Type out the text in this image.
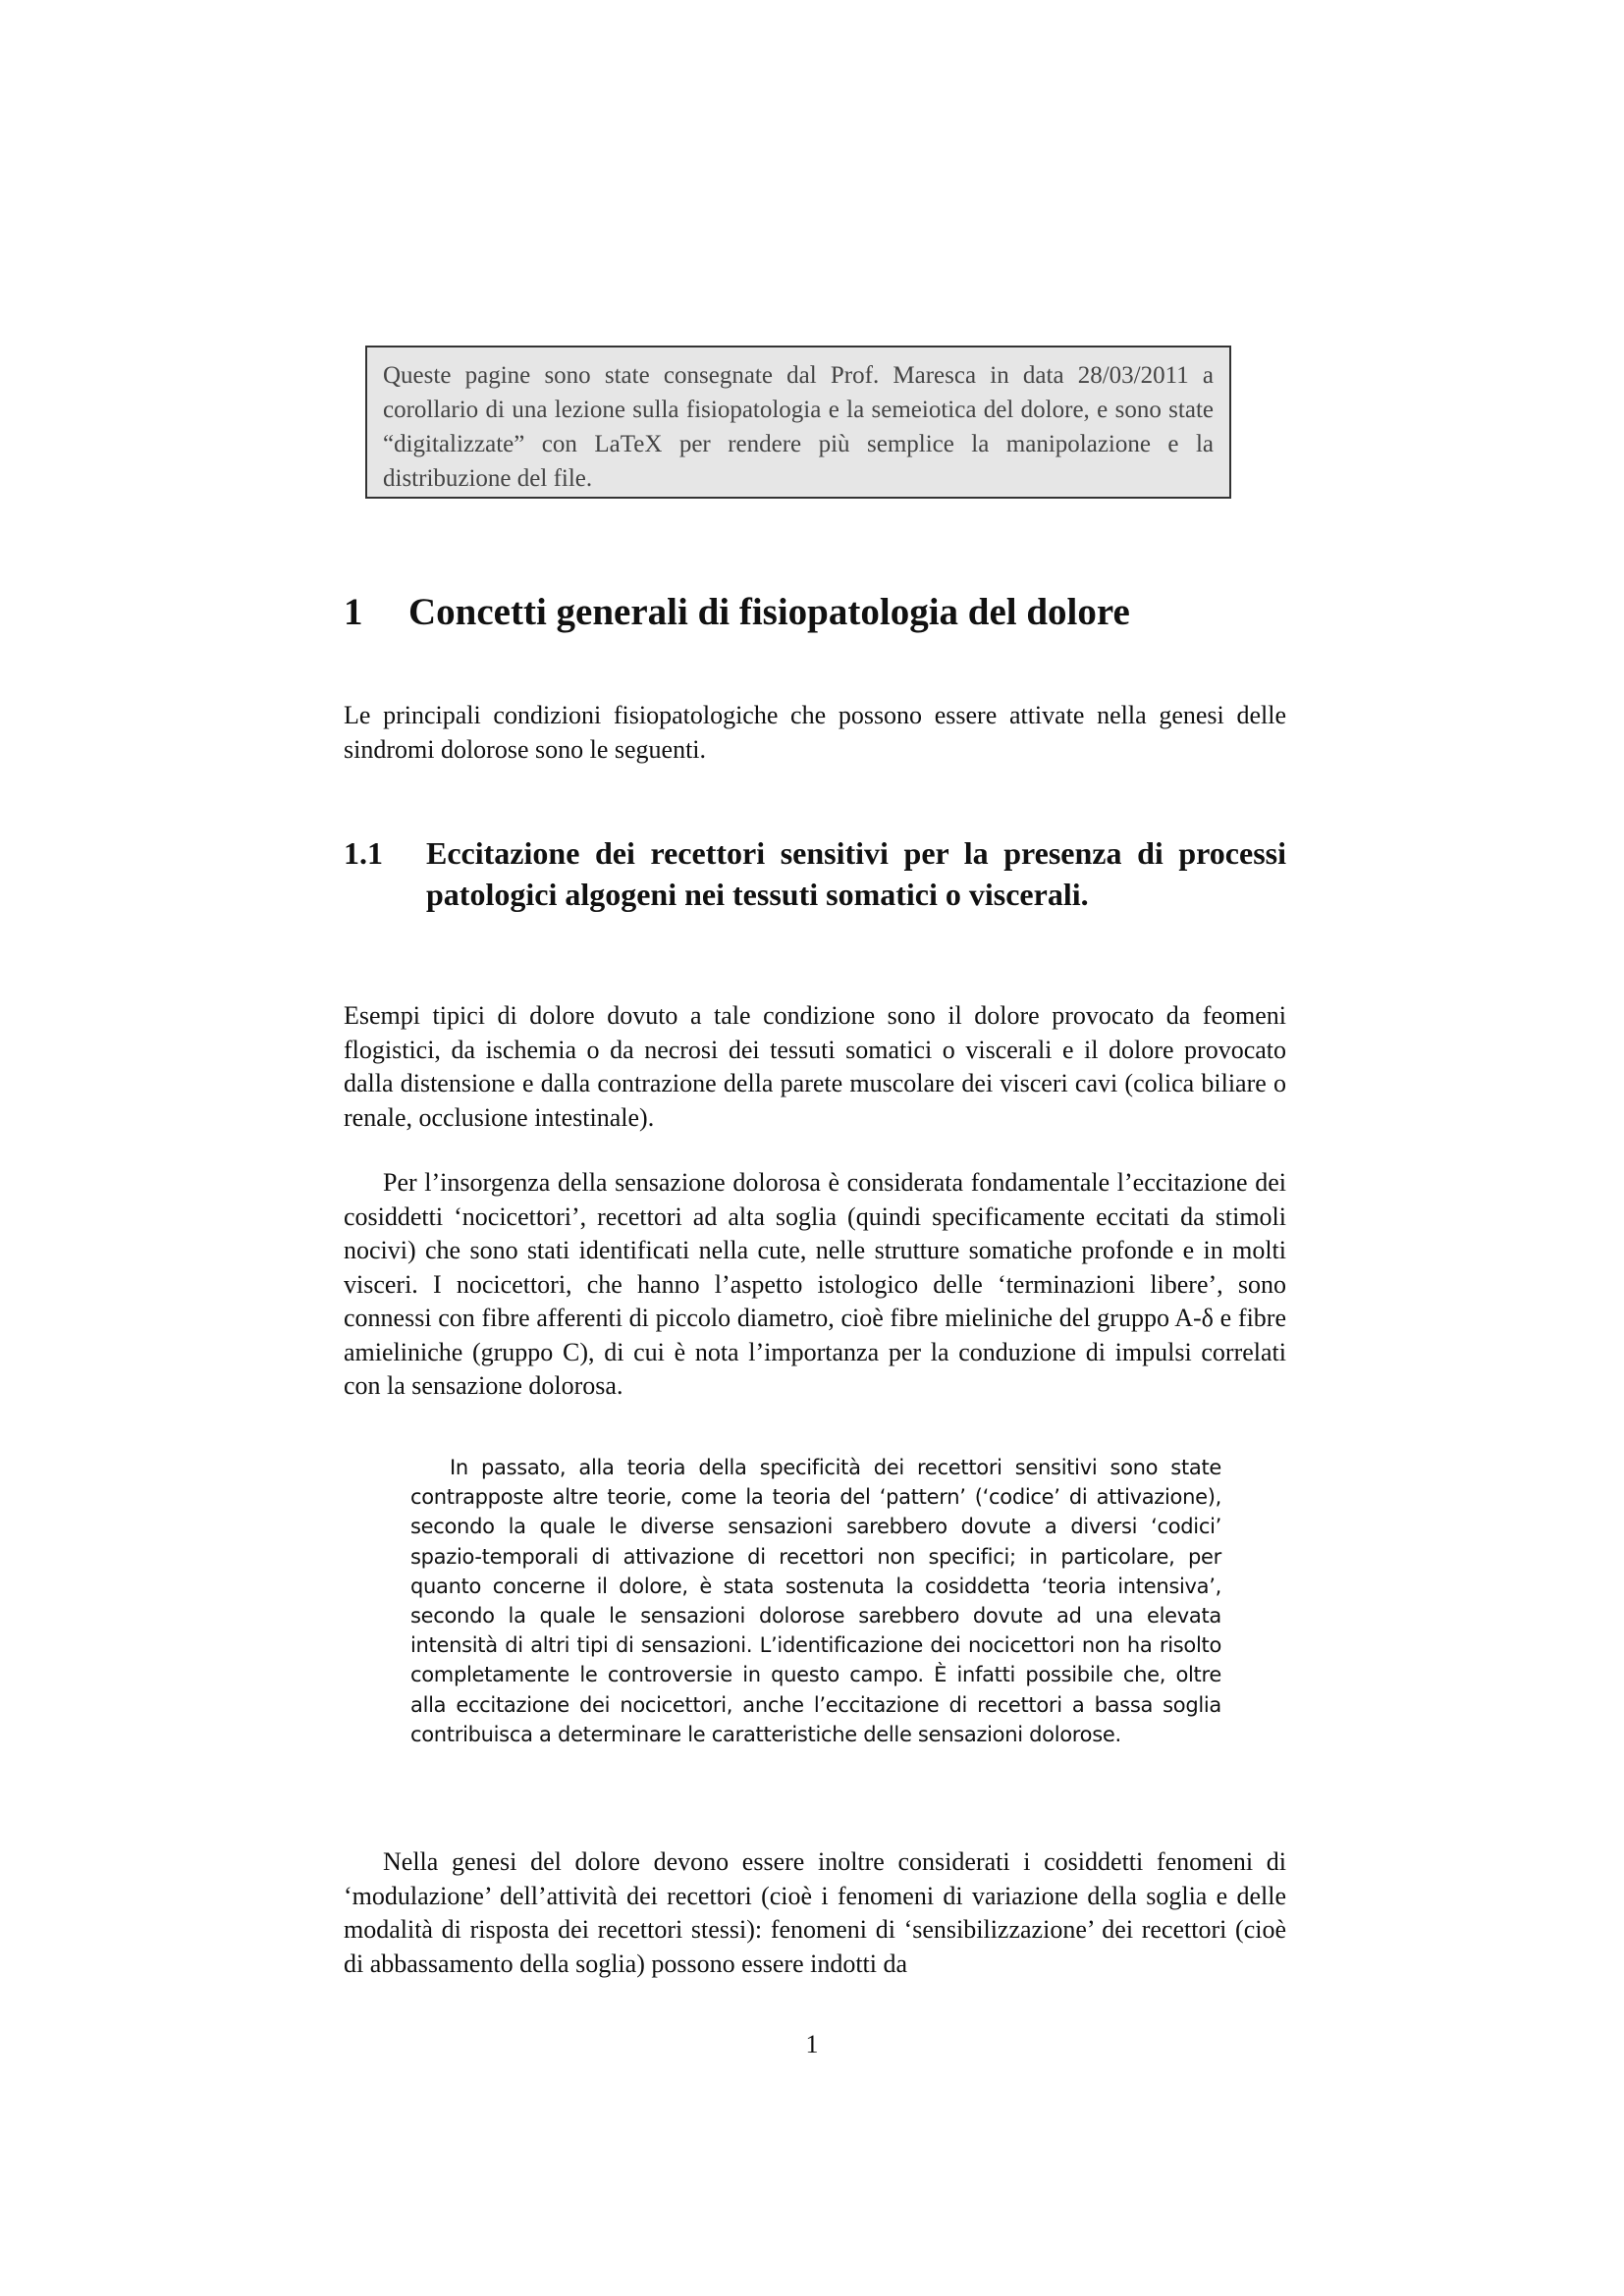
Queste pagine sono state consegnate dal Prof. Maresca in data 28/03/2011 a corollario di una lezione sulla fisiopatologia e la semeiotica del dolore, e sono state “digitalizzate” con LaTeX per rendere più semplice la manipolazione e la distribuzione del file.
1 Concetti generali di fisiopatologia del dolore
Le principali condizioni fisiopatologiche che possono essere attivate nella genesi delle sindromi dolorose sono le seguenti.
1.1 Eccitazione dei recettori sensitivi per la presenza di processi patologici algogeni nei tessuti somatici o viscerali.
Esempi tipici di dolore dovuto a tale condizione sono il dolore provocato da feomeni flogistici, da ischemia o da necrosi dei tessuti somatici o viscerali e il dolore provocato dalla distensione e dalla contrazione della parete muscolare dei visceri cavi (colica biliare o renale, occlusione intestinale).
Per l’insorgenza della sensazione dolorosa è considerata fondamentale l’eccitazione dei cosiddetti ‘nocicettori’, recettori ad alta soglia (quindi specificamente eccitati da stimoli nocivi) che sono stati identificati nella cute, nelle strutture somatiche profonde e in molti visceri. I nocicettori, che hanno l’aspetto istologico delle ‘terminazioni libere’, sono connessi con fibre afferenti di piccolo diametro, cioè fibre mieliniche del gruppo A-δ e fibre amieliniche (gruppo C), di cui è nota l’importanza per la conduzione di impulsi correlati con la sensazione dolorosa.
In passato, alla teoria della specificità dei recettori sensitivi sono state contrapposte altre teorie, come la teoria del ‘pattern’ (‘codice’ di attivazione), secondo la quale le diverse sensazioni sarebbero dovute a diversi ‘codici’ spazio-temporali di attivazione di recettori non specifici; in particolare, per quanto concerne il dolore, è stata sostenuta la cosiddetta ‘teoria intensiva’, secondo la quale le sensazioni dolorose sarebbero dovute ad una elevata intensità di altri tipi di sensazioni. L’identificazione dei nocicettori non ha risolto completamente le controversie in questo campo. È infatti possibile che, oltre alla eccitazione dei nocicettori, anche l’eccitazione di recettori a bassa soglia contribuisca a determinare le caratteristiche delle sensazioni dolorose.
Nella genesi del dolore devono essere inoltre considerati i cosiddetti fenomeni di ‘modulazione’ dell’attività dei recettori (cioè i fenomeni di variazione della soglia e delle modalità di risposta dei recettori stessi): fenomeni di ‘sensibilizzazione’ dei recettori (cioè di abbassamento della soglia) possono essere indotti da
1
